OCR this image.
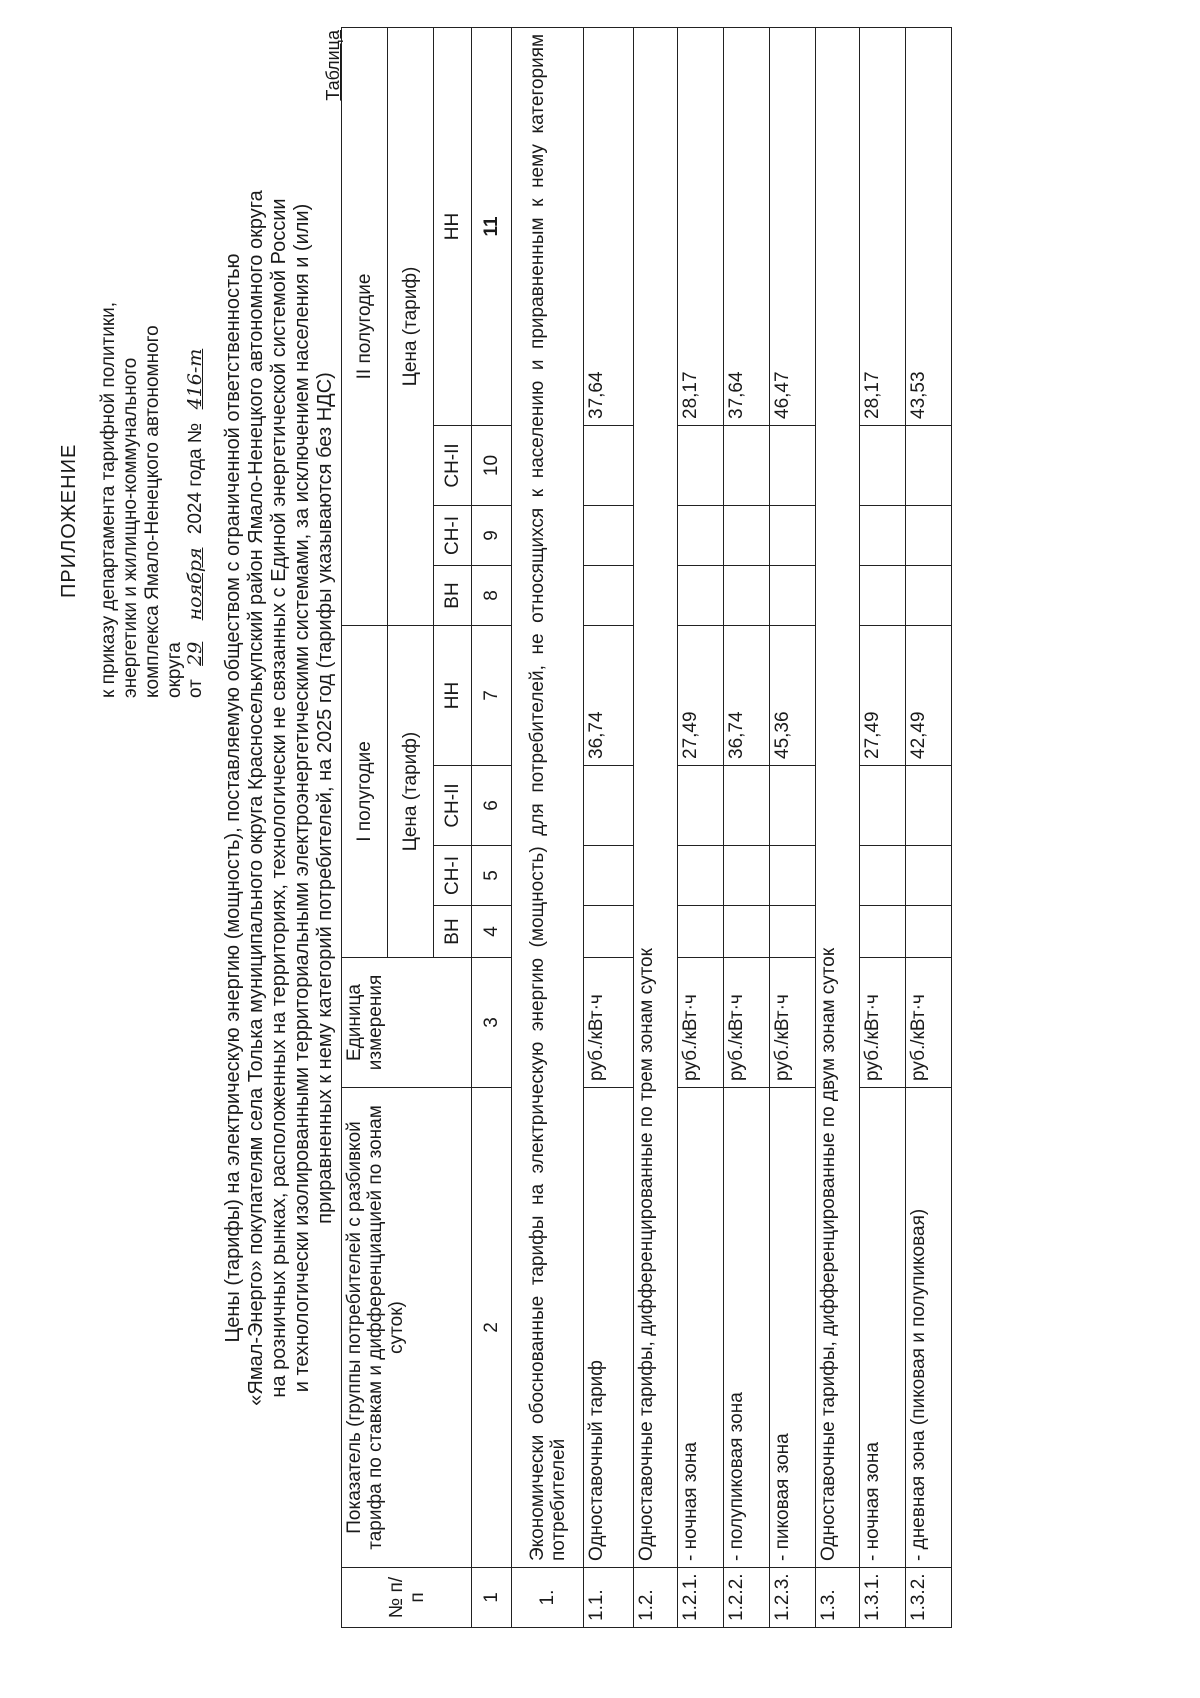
ПРИЛОЖЕНИЕ к приказу департамента тарифной политики, энергетики и жилищно-коммунального комплекса Ямало-Ненецкого автономного округа от 29 ноября 2024 года № 416-т Цены (тарифы) на электрическую энергию (мощность), поставляемую обществом с ограниченной ответственностью «Ямал-Энерго» покупателям села Толька муниципального округа Красноселькупский район Ямало-Ненецкого автономного округа на розничных рынках, расположенных на территориях, технологически не связанных с Единой энергетической системой России и технологически изолированными территориальными электроэнергетическими системами, за исключением населения и (или) приравненных к нему категорий потребителей, на 2025 год (тарифы указываются без НДС)
Таблица
№ п/п	Показатель (группы потребителей с разбивкой тарифа по ставкам и дифференциацией по зонам суток)	Единица измерения	I полугодие				II полугодие			
			Цена (тариф)				Цена (тариф)			
			ВН	СН-I	СН-II	НН	ВН	СН-I	СН-II	НН
1	2	3	4	5	6	7	8	9	10	11
1.	Экономически обоснованные тарифы на электрическую энергию (мощность) для потребителей, не относящихся к населению и приравненным к нему категориям потребителей									
1.1.	Одноставочный тариф	руб./кВт·ч				36,74				37,64
1.2.	Одноставочные тарифы, дифференцированные по трем зонам суток									
1.2.1.	- ночная зона	руб./кВт·ч				27,49				28,17
1.2.2.	- полупиковая зона	руб./кВт·ч				36,74				37,64
1.2.3.	- пиковая зона	руб./кВт·ч				45,36				46,47
1.3.	Одноставочные тарифы, дифференцированные по двум зонам суток									
1.3.1.	- ночная зона	руб./кВт·ч				27,49				28,17
1.3.2.	- дневная зона (пиковая и полупиковая)	руб./кВт·ч				42,49				43,53
